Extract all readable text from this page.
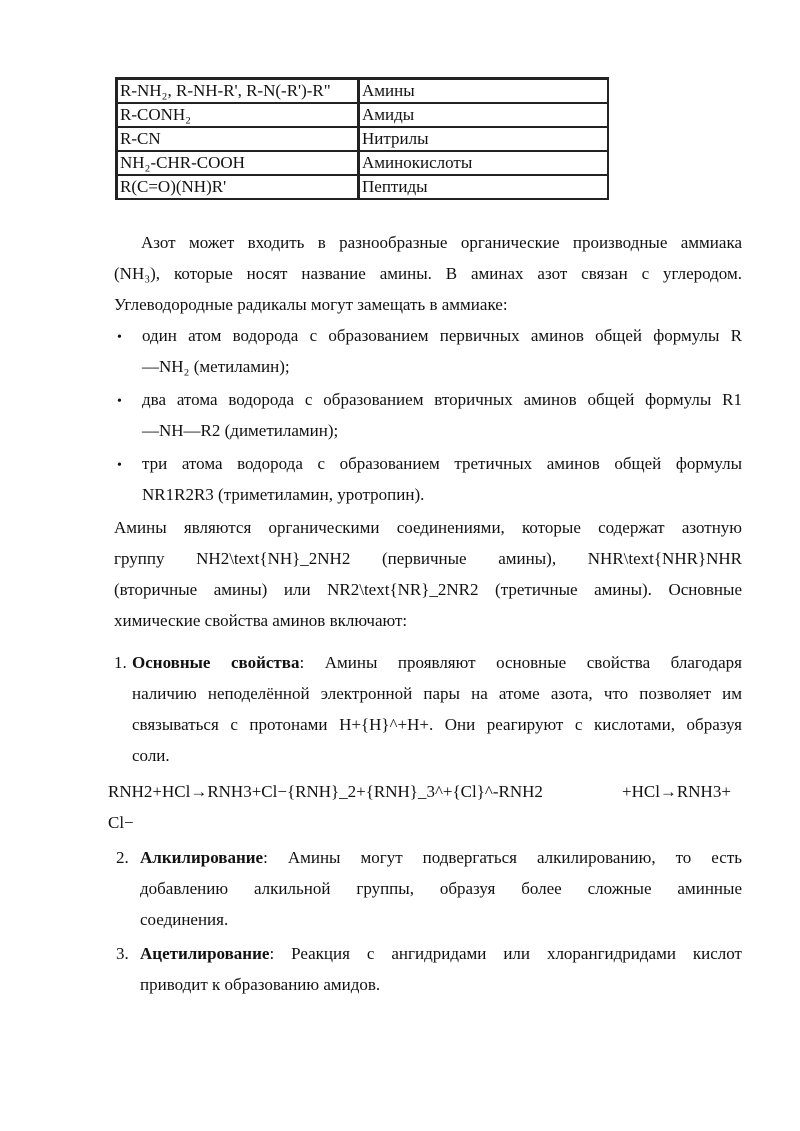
R-NH₂, R-NH-R', R-N(-R')-R"	Амины
R-CONH₂	Амиды
R-CN	Нитрилы
NH₂-CHR-COOH	Аминокислоты
R(C=O)(NH)R'	Пептиды
Азот может входить в разнообразные органические производные аммиака
(NH₃), которые носят название амины. В аминах азот связан с углеродом.
Углеводородные радикалы могут замещать в аммиаке:
• один атом водорода с образованием первичных аминов общей формулы R
—NH₂ (метиламин);
• два атома водорода с образованием вторичных аминов общей формулы R1
—NH—R2 (диметиламин);
• три атома водорода с образованием третичных аминов общей формулы
NR1R2R3 (триметиламин, уротропин).
Амины являются органическими соединениями, которые содержат азотную
группу NH2\text{NH}_2NH2 (первичные амины), NHR\text{NHR}NHR
(вторичные амины) или NR2\text{NR}_2NR2 (третичные амины). Основные
химические свойства аминов включают:
1. Основные свойства: Амины проявляют основные свойства благодаря
наличию неподелённой электронной пары на атоме азота, что позволяет им
связываться с протонами H+{H}^+H+. Они реагируют с кислотами, образуя
соли.
RNH2+HCl→RNH3+Cl−{RNH}_2+{RNH}_3^+{Cl}^-RNH2	+HCl→RNH3+
Cl−
2. Алкилирование: Амины могут подвергаться алкилированию, то есть
добавлению алкильной группы, образуя более сложные аминные
соединения.
3. Ацетилирование: Реакция с ангидридами или хлорангидридами кислот
приводит к образованию амидов.
